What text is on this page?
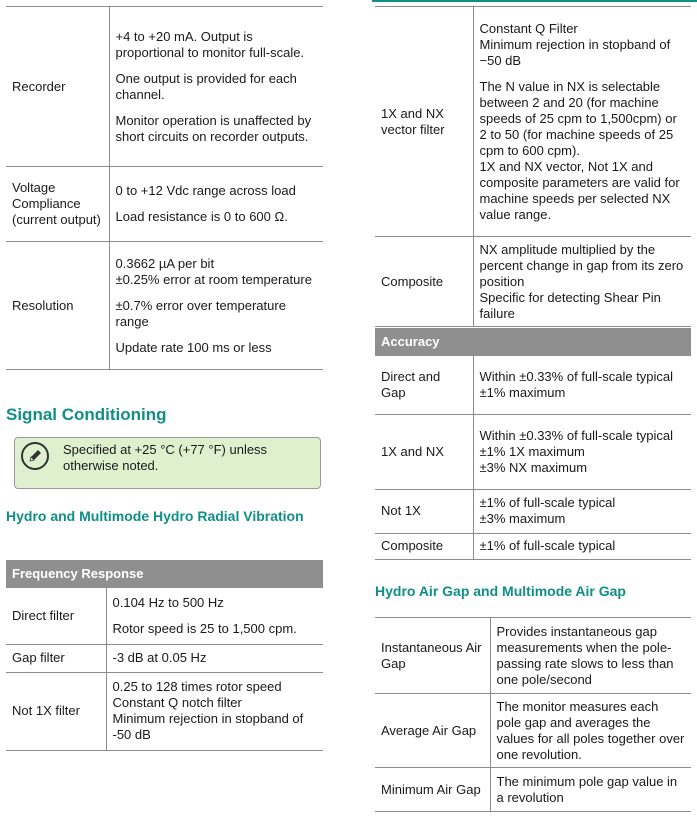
Recorder	+4 to +20 mA. Output is proportional to monitor full-scale.

One output is provided for each channel.

Monitor operation is unaffected by short circuits on recorder outputs.

Voltage Compliance (current output)	0 to +12 Vdc range across load

Load resistance is 0 to 600 Ω.

Resolution	0.3662 µA per bit
±0.25% error at room temperature

±0.7% error over temperature range

Update rate 100 ms or less

Signal Conditioning
Hydro and Multimode Hydro Radial Vibration
Frequency Response
Direct filter	0.104 Hz to 500 Hz

Rotor speed is 25 to 1,500 cpm.

Gap filter	-3 dB at 0.05 Hz
Not 1X filter	0.25 to 128 times rotor speed
Constant Q notch filter
Minimum rejection in stopband of -50 dB
Specified at +25 °C (+77 °F) unless otherwise noted.
1X and NX vector filter	Constant Q Filter
Minimum rejection in stopband of −50 dB

The N value in NX is selectable between 2 and 20 (for machine speeds of 25 cpm to 1,500cpm) or 2 to 50 (for machine speeds of 25 cpm to 600 cpm).
1X and NX vector, Not 1X and composite parameters are valid for machine speeds per selected NX value range.

Composite	NX amplitude multiplied by the percent change in gap from its zero position
Specific for detecting Shear Pin failure
Accuracy
Direct and Gap	Within ±0.33% of full-scale typical
±1% maximum
1X and NX	Within ±0.33% of full-scale typical
±1% 1X maximum
±3% NX maximum
Not 1X	±1% of full-scale typical
±3% maximum
Composite	±1% of full-scale typical
Hydro Air Gap and Multimode Air Gap
Instantaneous Air Gap	Provides instantaneous gap measurements when the pole-passing rate slows to less than one pole/second
Average Air Gap	The monitor measures each pole gap and averages the values for all poles together over one revolution.
Minimum Air Gap	The minimum pole gap value in a revolution
